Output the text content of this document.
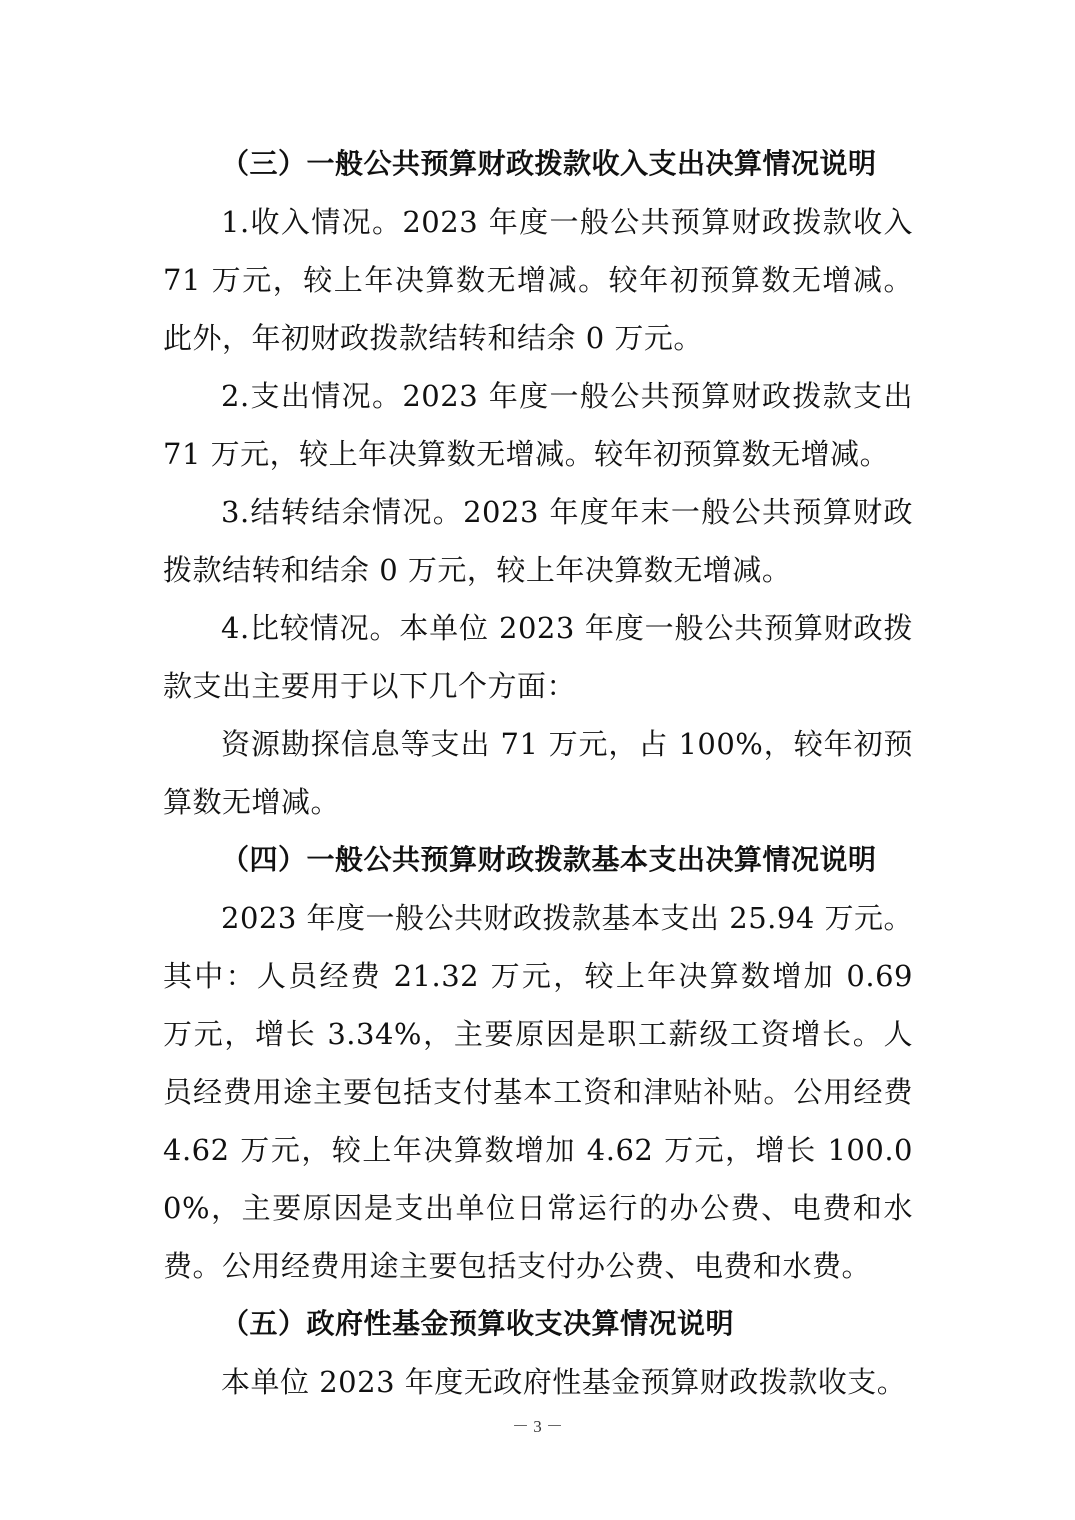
（三）一般公共预算财政拨款收入支出决算情况说明

1.收入情况。2023 年度一般公共预算财政拨款收入 71 万元，较上年决算数无增减。较年初预算数无增减。此外，年初财政拨款结转和结余 0 万元。

2.支出情况。2023 年度一般公共预算财政拨款支出 71 万元，较上年决算数无增减。较年初预算数无增减。

3.结转结余情况。2023 年度年末一般公共预算财政拨款结转和结余 0 万元，较上年决算数无增减。

4.比较情况。本单位 2023 年度一般公共预算财政拨款支出主要用于以下几个方面：

资源勘探信息等支出 71 万元，占 100%，较年初预算数无增减。

（四）一般公共预算财政拨款基本支出决算情况说明

2023 年度一般公共财政拨款基本支出 25.94 万元。其中：人员经费 21.32 万元，较上年决算数增加 0.69 万元，增长 3.34%，主要原因是职工薪级工资增长。人员经费用途主要包括支付基本工资和津贴补贴。公用经费 4.62 万元，较上年决算数增加 4.62 万元，增长 100.00%，主要原因是支出单位日常运行的办公费、电费和水费。公用经费用途主要包括支付办公费、电费和水费。

（五）政府性基金预算收支决算情况说明

本单位 2023 年度无政府性基金预算财政拨款收支。

－ 3 －
